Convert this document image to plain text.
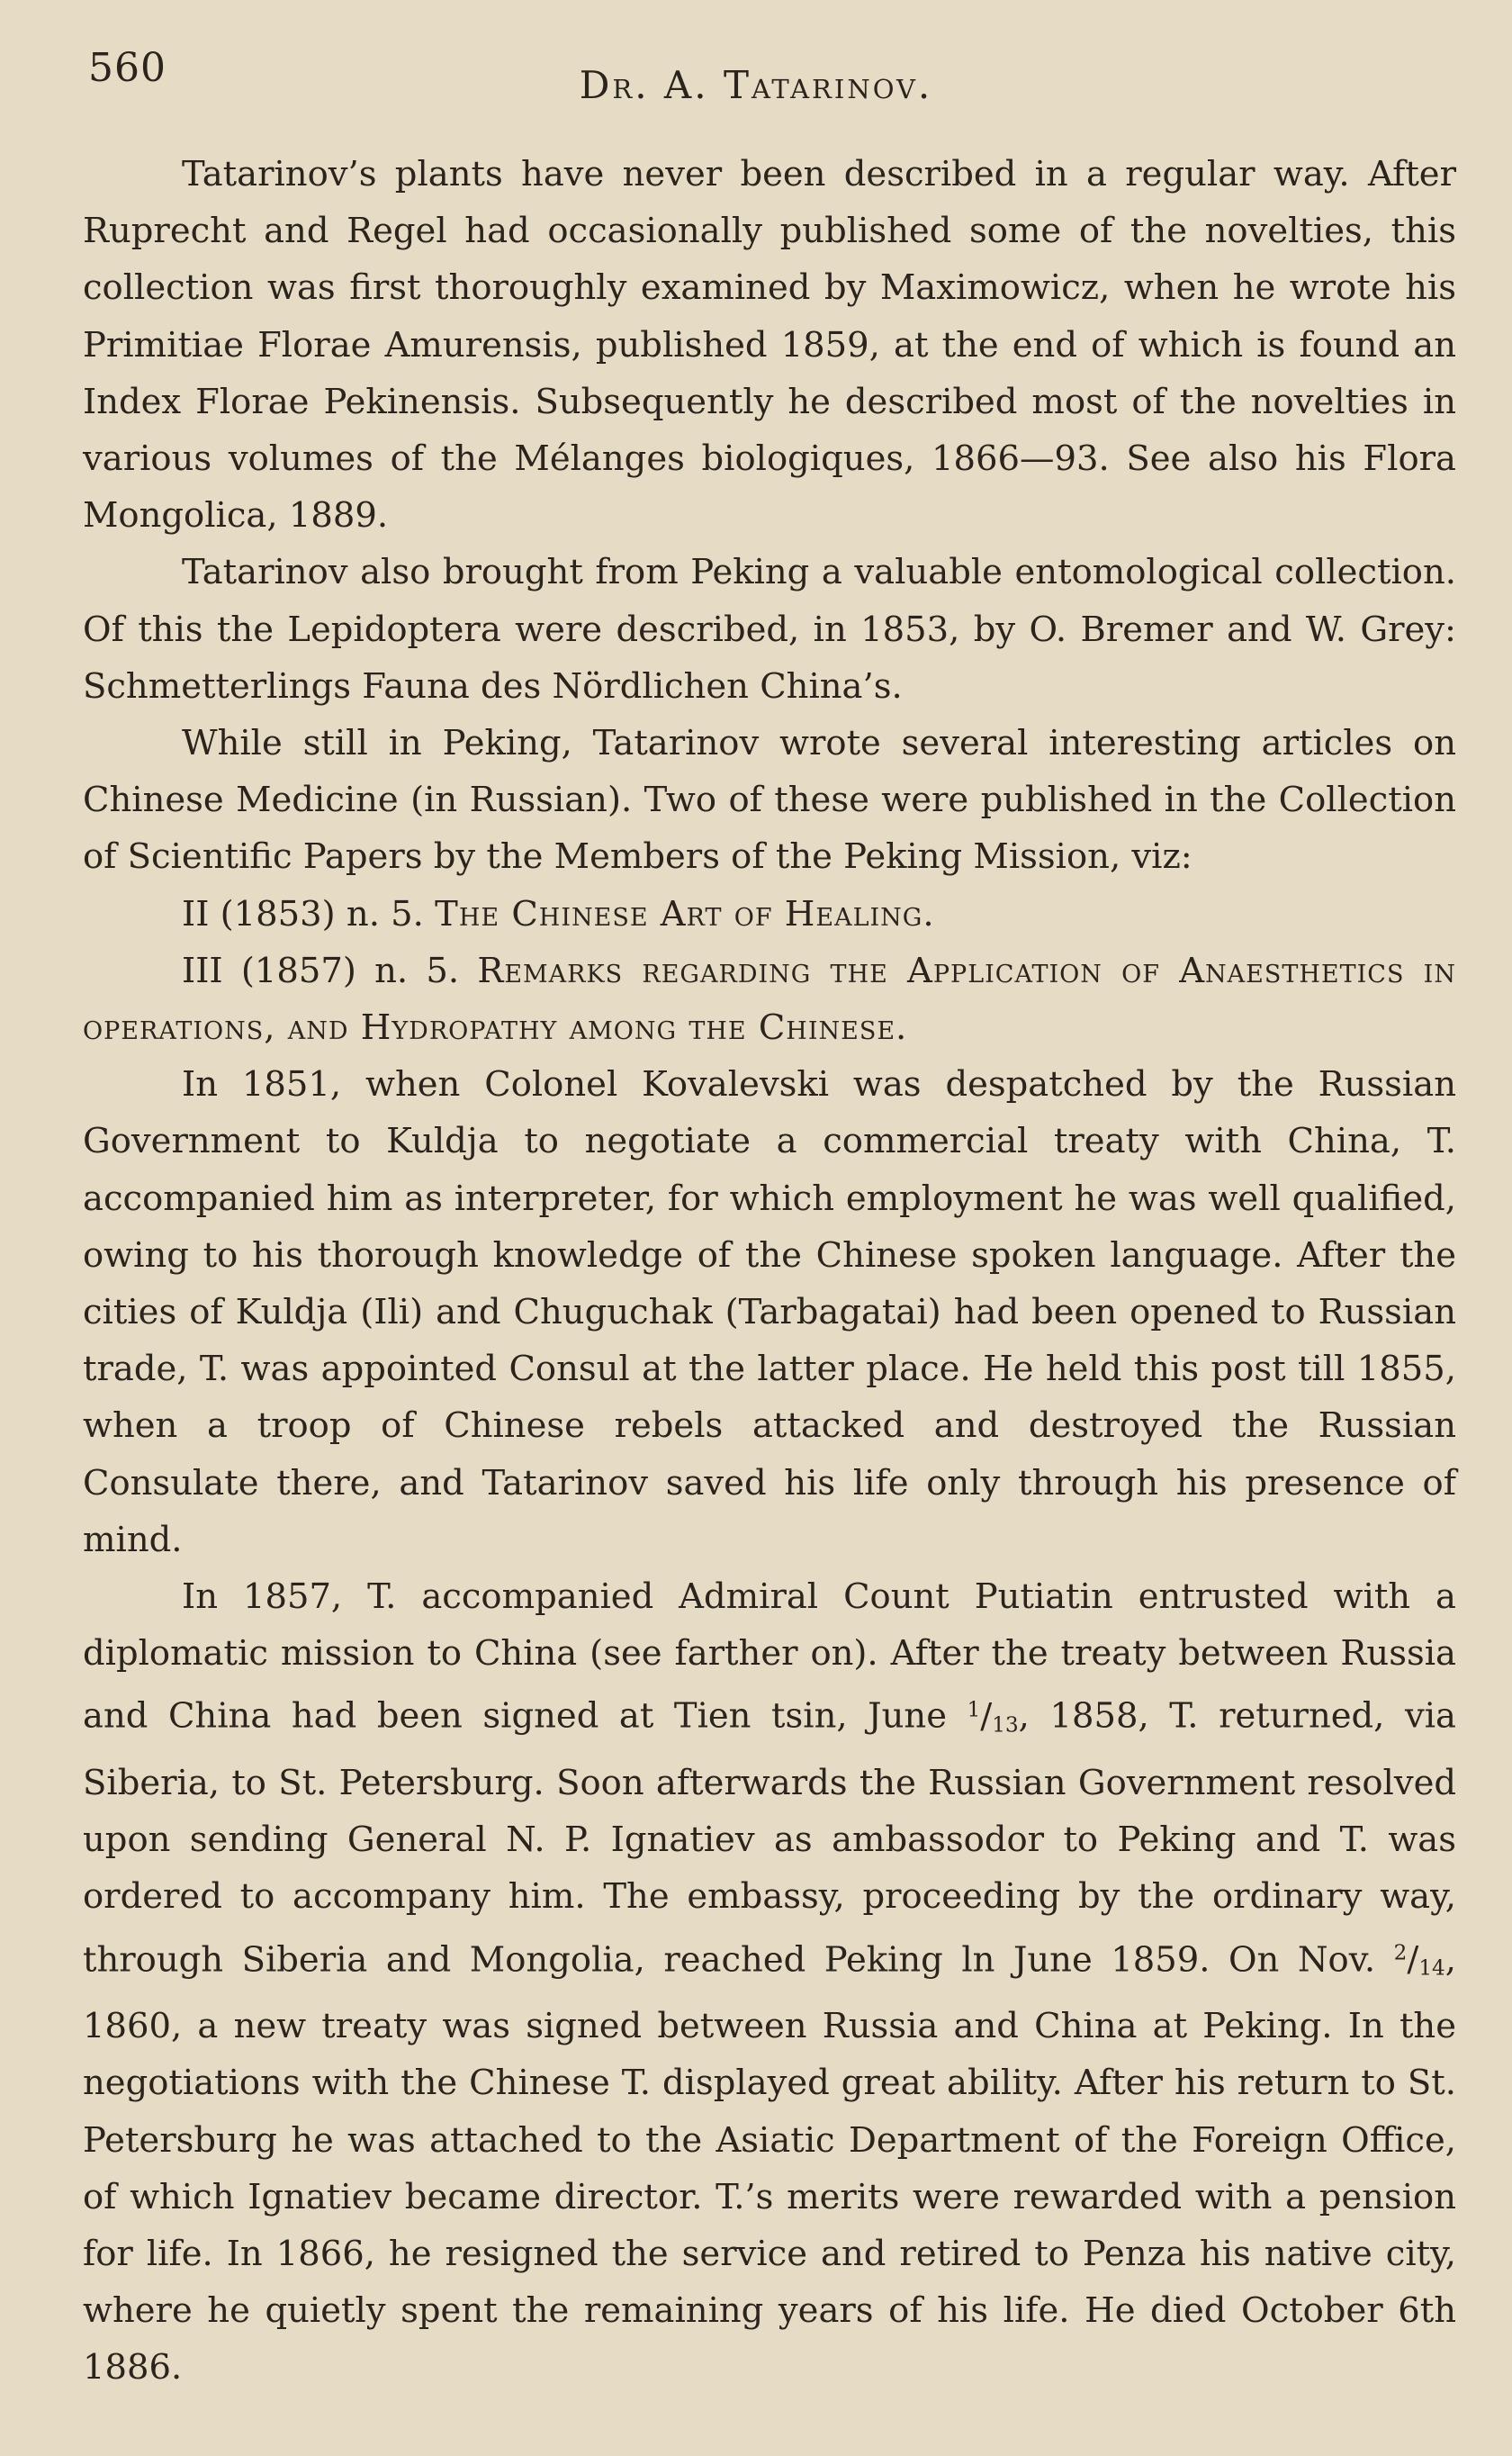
560	Dr. A. Tatarinov.

Tatarinov’s plants have never been described in a regular way. After Ruprecht and Regel had occasionally published some of the novelties, this collection was first thoroughly examined by Maximowicz, when he wrote his Primitiae Florae Amurensis, published 1859, at the end of which is found an Index Florae Pekinensis. Subsequently he described most of the novelties in various volumes of the Mélanges biologiques, 1866—93. See also his Flora Mongolica, 1889.

Tatarinov also brought from Peking a valuable entomological collection. Of this the Lepidoptera were described, in 1853, by O. Bremer and W. Grey: Schmetterlings Fauna des Nördlichen China’s.

While still in Peking, Tatarinov wrote several interesting articles on Chinese Medicine (in Russian). Two of these were published in the Collection of Scientific Papers by the Members of the Peking Mission, viz:

II (1853) n. 5. The Chinese Art of Healing.

III (1857) n. 5. Remarks regarding the Application of Anaesthetics in operations, and Hydropathy among the Chinese.

In 1851, when Colonel Kovalevski was despatched by the Russian Government to Kuldja to negotiate a commercial treaty with China, T. accompanied him as interpreter, for which employment he was well qualified, owing to his thorough knowledge of the Chinese spoken language. After the cities of Kuldja (Ili) and Chuguchak (Tarbagatai) had been opened to Russian trade, T. was appointed Consul at the latter place. He held this post till 1855, when a troop of Chinese rebels attacked and destroyed the Russian Consulate there, and Tatarinov saved his life only through his presence of mind.

In 1857, T. accompanied Admiral Count Putiatin entrusted with a diplomatic mission to China (see farther on). After the treaty between Russia and China had been signed at Tien tsin, June $^1/_{13}$, 1858, T. returned, via Siberia, to St. Petersburg. Soon afterwards the Russian Government resolved upon sending General N. P. Ignatiev as ambassodor to Peking and T. was ordered to accompany him. The embassy, proceeding by the ordinary way, through Siberia and Mongolia, reached Peking ln June 1859. On Nov. $^2/_{14}$, 1860, a new treaty was signed between Russia and China at Peking. In the negotiations with the Chinese T. displayed great ability. After his return to St. Petersburg he was attached to the Asiatic Department of the Foreign Office, of which Ignatiev became director. T.’s merits were rewarded with a pension for life. In 1866, he resigned the service and retired to Penza his native city, where he quietly spent the remaining years of his life. He died October 6th 1886.
